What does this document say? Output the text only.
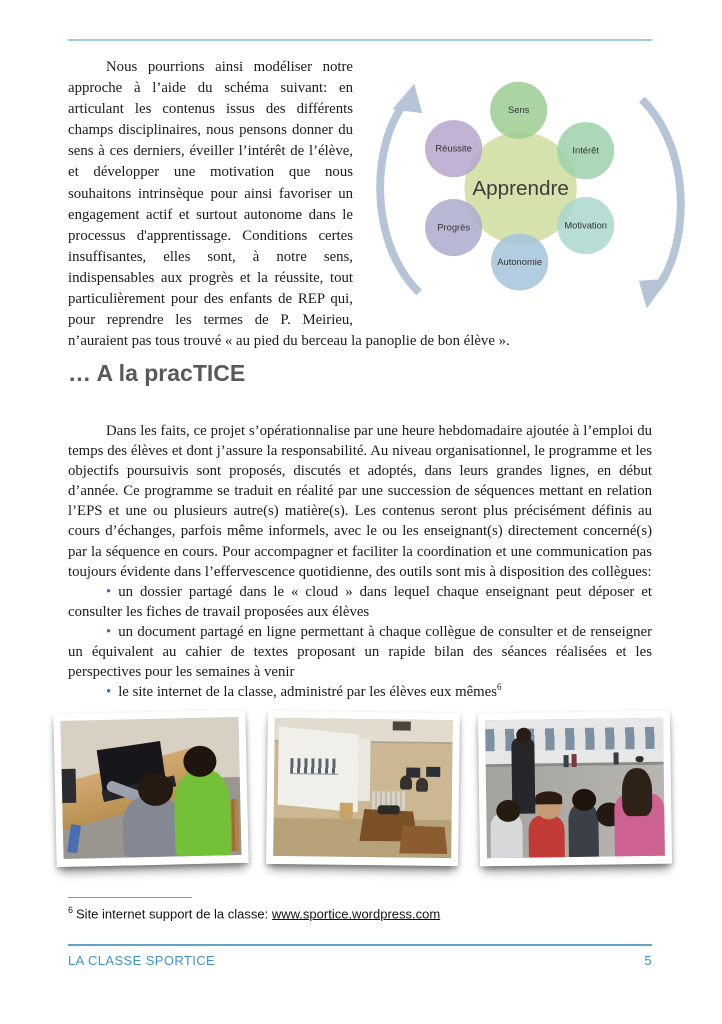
Apprendre
Sens
Intérêt
Motivation
Autonomie
Progrès
Réussite

Nous pourrions ainsi modéliser notre approche à l’aide du schéma suivant: en articulant les contenus issus des différents champs disciplinaires, nous pensons donner du sens à ces derniers, éveiller l’intérêt de l’élève, et développer une motivation que nous souhaitons intrinsèque pour ainsi favoriser un engagement actif et surtout autonome dans le processus d'apprentissage. Conditions certes insuffisantes, elles sont, à notre sens, indispensables aux progrès et la réussite, tout particulièrement pour des enfants de REP qui, pour reprendre les termes de P. Meirieu, n’auraient pas tous trouvé « au pied du berceau la panoplie de bon élève ».

… A la pracTICE

Dans les faits, ce projet s’opérationnalise par une heure hebdomadaire ajoutée à l’emploi du temps des élèves et dont j’assure la responsabilité. Au niveau organisationnel, le programme et les objectifs poursuivis sont proposés, discutés et adoptés, dans leurs grandes lignes, en début d’année. Ce programme se traduit en réalité par une succession de séquences mettant en relation l’EPS et une ou plusieurs autre(s) matière(s). Les contenus seront plus précisément définis au cours d’échanges, parfois même informels, avec le ou les enseignant(s) directement concerné(s) par la séquence en cours. Pour accompagner et faciliter la coordination et une communication pas toujours évidente dans l’effervescence quotidienne, des outils sont mis à disposition des collègues:

• un dossier partagé dans le « cloud » dans lequel chaque enseignant peut déposer et consulter les fiches de travail proposées aux élèves

• un document partagé en ligne permettant à chaque collègue de consulter et de renseigner un équivalent au cahier de textes proposant un rapide bilan des séances réalisées et les perspectives pour les semaines à venir

• le site internet de la classe, administré par les élèves eux mêmes$^6$

$^6$ Site internet support de la classe: www.sportice.wordpress.com
LA CLASSE SPORTICE	5
